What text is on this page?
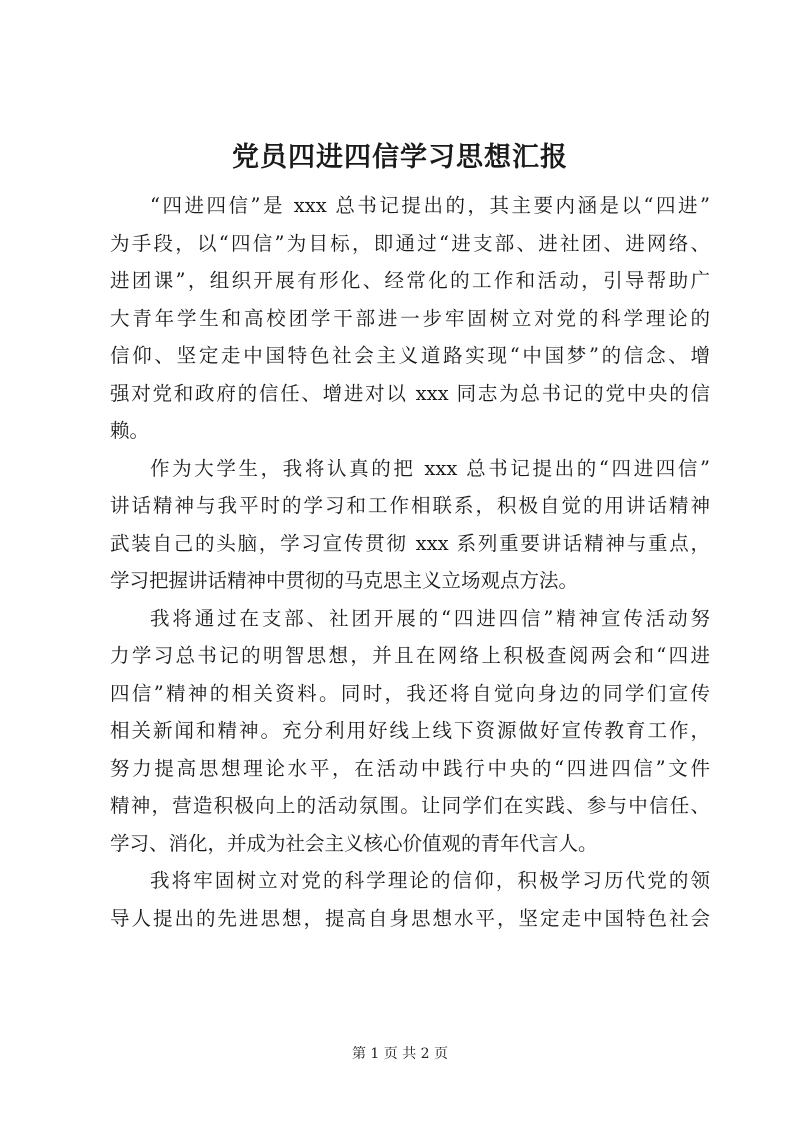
党员四进四信学习思想汇报
“四进四信”是 xxx 总书记提出的，其主要内涵是以“四进”
为手段，以“四信”为目标，即通过“进支部、进社团、进网络、
进团课”，组织开展有形化、经常化的工作和活动，引导帮助广
大青年学生和高校团学干部进一步牢固树立对党的科学理论的
信仰、坚定走中国特色社会主义道路实现“中国梦”的信念、增
强对党和政府的信任、增进对以 xxx 同志为总书记的党中央的信
赖。
作为大学生，我将认真的把 xxx 总书记提出的“四进四信”
讲话精神与我平时的学习和工作相联系，积极自觉的用讲话精神
武装自己的头脑，学习宣传贯彻 xxx 系列重要讲话精神与重点，
学习把握讲话精神中贯彻的马克思主义立场观点方法。
我将通过在支部、社团开展的“四进四信”精神宣传活动努
力学习总书记的明智思想，并且在网络上积极查阅两会和“四进
四信”精神的相关资料。同时，我还将自觉向身边的同学们宣传
相关新闻和精神。充分利用好线上线下资源做好宣传教育工作，
努力提高思想理论水平，在活动中践行中央的“四进四信”文件
精神，营造积极向上的活动氛围。让同学们在实践、参与中信任、
学习、消化，并成为社会主义核心价值观的青年代言人。
我将牢固树立对党的科学理论的信仰，积极学习历代党的领
导人提出的先进思想，提高自身思想水平，坚定走中国特色社会
第 1 页 共 2 页
